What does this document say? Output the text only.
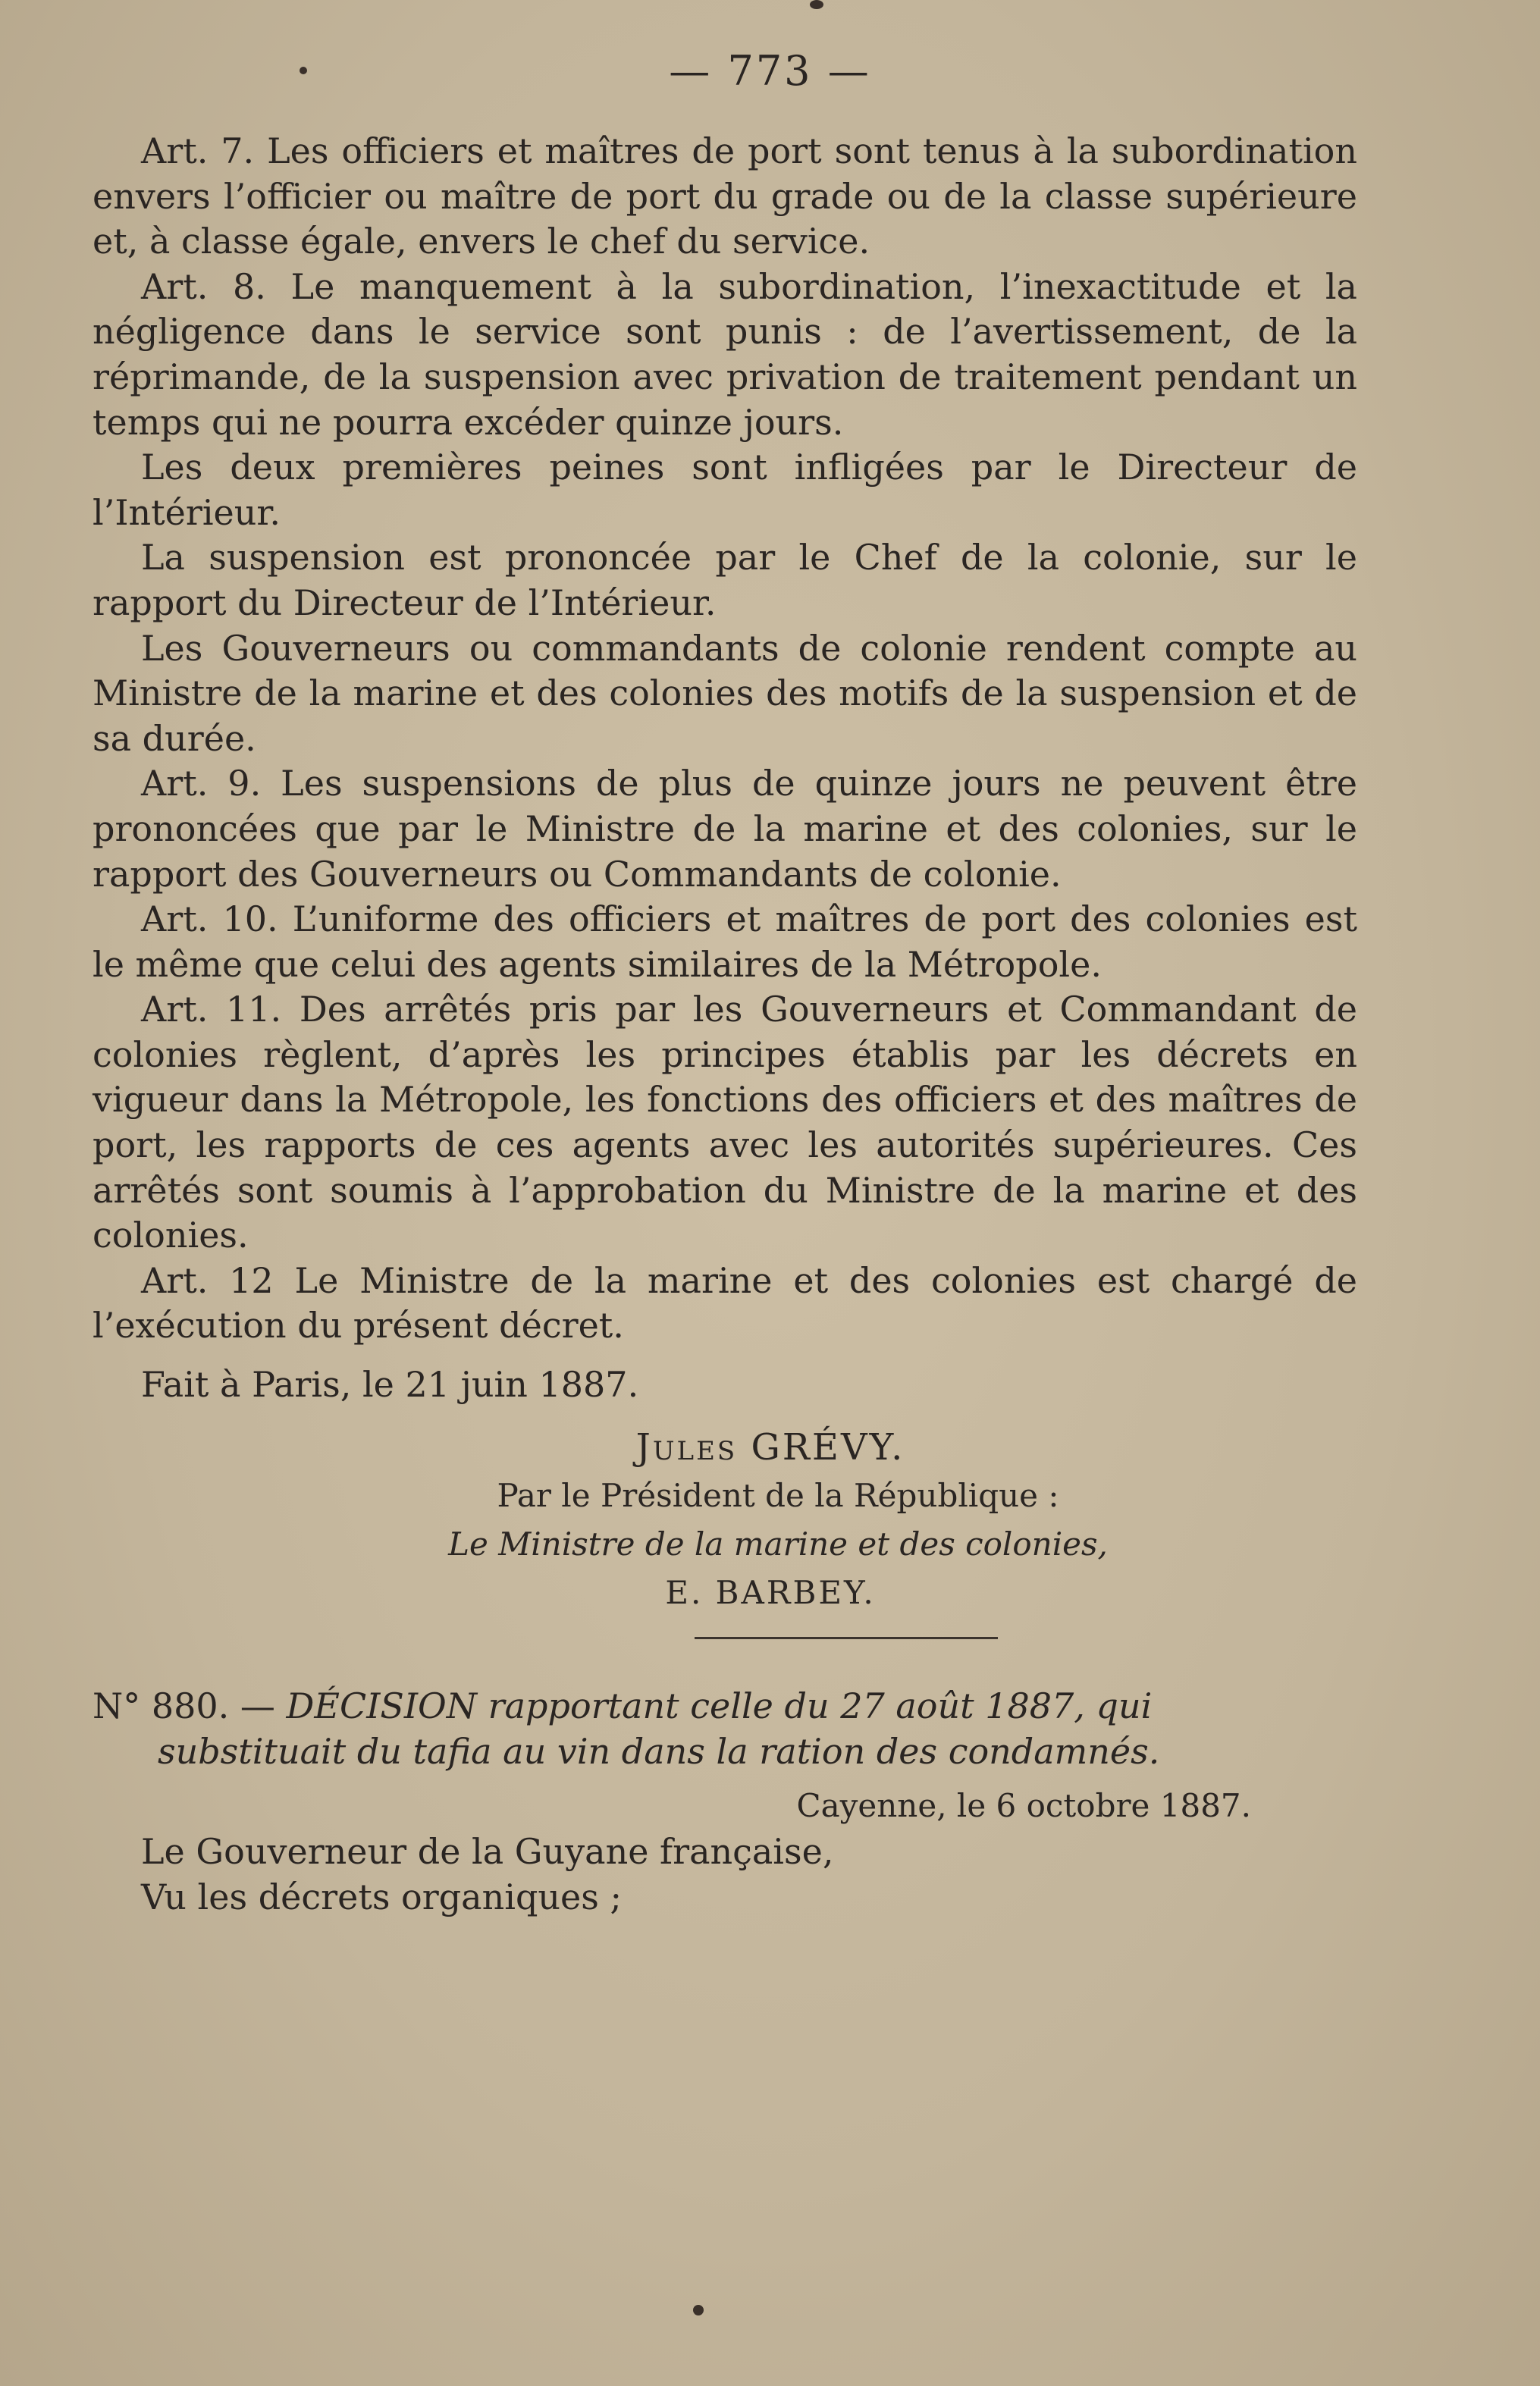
— 773 —

Art. 7. Les officiers et maîtres de port sont tenus à la subordination envers l’officier ou maître de port du grade ou de la classe supérieure et, à classe égale, envers le chef du service.

Art. 8. Le manquement à la subordination, l’inexactitude et la négligence dans le service sont punis : de l’avertissement, de la réprimande, de la suspension avec privation de traitement pendant un temps qui ne pourra excéder quinze jours.

Les deux premières peines sont infligées par le Directeur de l’Intérieur.

La suspension est prononcée par le Chef de la colonie, sur le rapport du Directeur de l’Intérieur.

Les Gouverneurs ou commandants de colonie rendent compte au Ministre de la marine et des colonies des motifs de la suspension et de sa durée.

Art. 9. Les suspensions de plus de quinze jours ne peuvent être prononcées que par le Ministre de la marine et des colonies, sur le rapport des Gouverneurs ou Commandants de colonie.

Art. 10. L’uniforme des officiers et maîtres de port des colonies est le même que celui des agents similaires de la Métropole.

Art. 11. Des arrêtés pris par les Gouverneurs et Commandant de colonies règlent, d’après les principes établis par les décrets en vigueur dans la Métropole, les fonctions des officiers et des maîtres de port, les rapports de ces agents avec les autorités supérieures. Ces arrêtés sont soumis à l’approbation du Ministre de la marine et des colonies.

Art. 12 Le Ministre de la marine et des colonies est chargé de l’exécution du présent décret.

Fait à Paris, le 21 juin 1887.

Jules GRÉVY.
Par le Président de la République :
Le Ministre de la marine et des colonies,
E. BARBEY.

N° 880. — DÉCISION rapportant celle du 27 août 1887, qui

substituait du tafia au vin dans la ration des condamnés.

Cayenne, le 6 octobre 1887.

Le Gouverneur de la Guyane française,

Vu les décrets organiques ;
